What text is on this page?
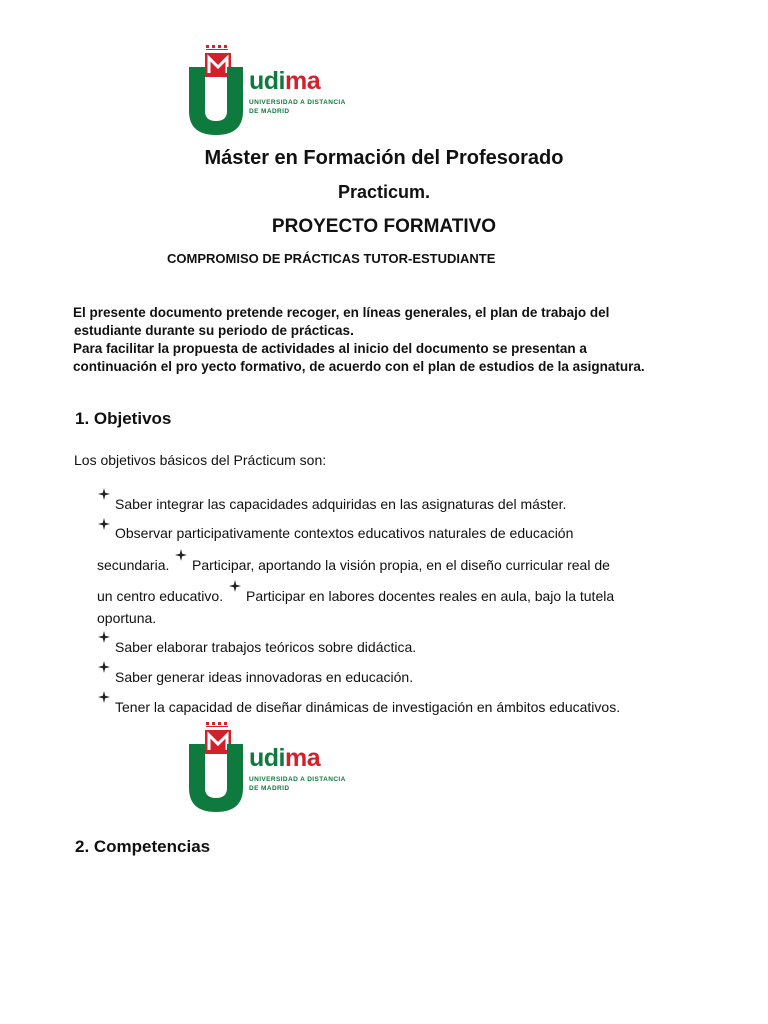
udima
UNIVERSIDAD A DISTANCIA
DE MADRID
Máster en Formación del Profesorado
Practicum.
PROYECTO FORMATIVO
COMPROMISO DE PRÁCTICAS TUTOR-ESTUDIANTE

El presente documento pretende recoger, en líneas generales, el plan de trabajo del

estudiante durante su periodo de prácticas.

Para facilitar la propuesta de actividades al inicio del documento se presentan a

continuación el pro yecto formativo, de acuerdo con el plan de estudios de la asignatura.

1. Objetivos
Los objetivos básicos del Prácticum son:
Saber integrar las capacidades adquiridas en las asignaturas del máster.
Observar participativamente contextos educativos naturales de educación
secundaria. Participar, aportando la visión propia, en el diseño curricular real de
un centro educativo. Participar en labores docentes reales en aula, bajo la tutela
oportuna.
Saber elaborar trabajos teóricos sobre didáctica.
Saber generar ideas innovadoras en educación.
Tener la capacidad de diseñar dinámicas de investigación en ámbitos educativos.
udima
UNIVERSIDAD A DISTANCIA
DE MADRID
2. Competencias
